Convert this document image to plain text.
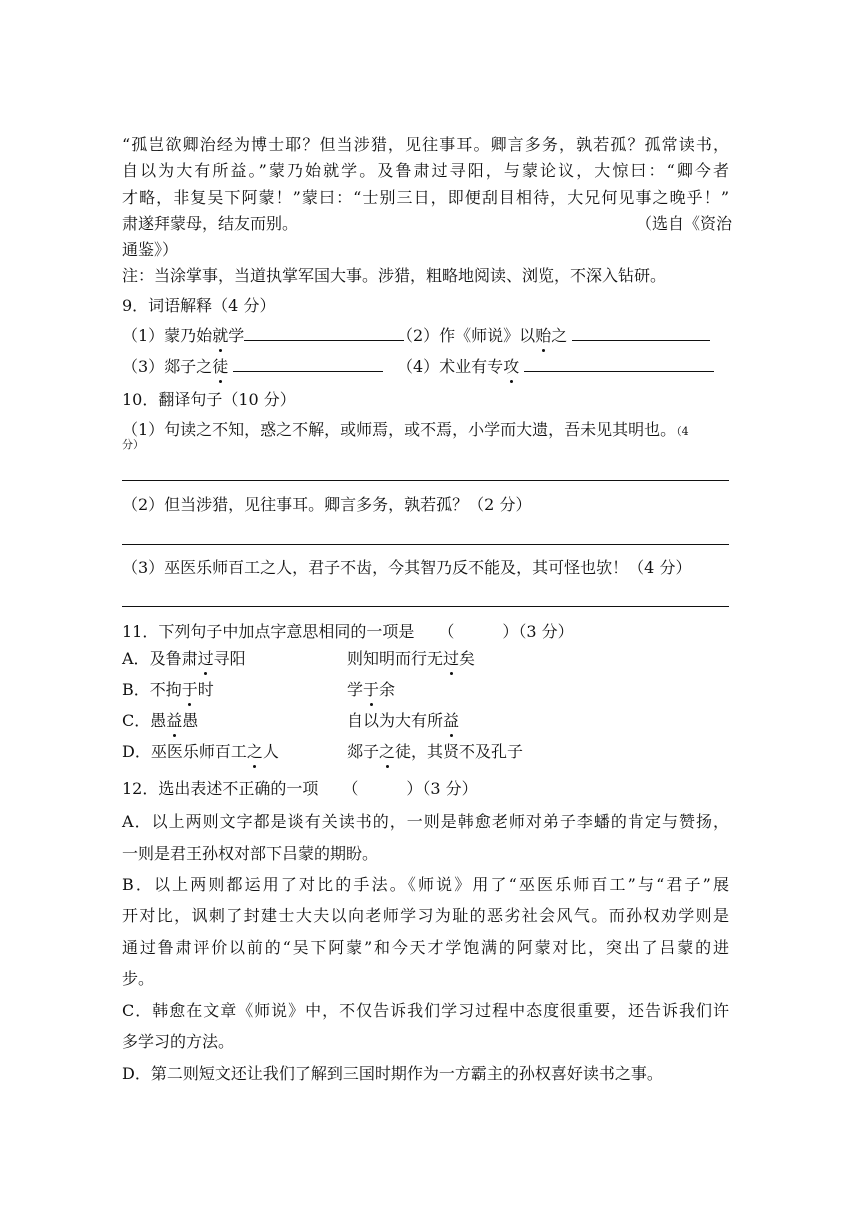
“孤岂欲卿治经为博士耶？但当涉猎，见往事耳。卿言多务，孰若孤？孤常读书，
自以为大有所益。”蒙乃始就学。及鲁肃过寻阳，与蒙论议，大惊曰：“卿今者
才略，非复吴下阿蒙！”蒙曰：“士别三日，即便刮目相待，大兄何见事之晚乎！”
肃遂拜蒙母，结友而别。	（选自《资治
通鉴》）
注：当涂掌事，当道执掌军国大事。涉猎，粗略地阅读、浏览，不深入钻研。
9．词语解释（4 分）
（1）蒙乃始就学	（2）作《师说》以贻之
（3）郯子之徒	（4）术业有专攻
10．翻译句子（10 分）
（1）句读之不知，惑之不解，或师焉，或不焉，小学而大遗，吾未见其明也。（4
分）
（2）但当涉猎，见往事耳。卿言多务，孰若孤？（2 分）
（3）巫医乐师百工之人，君子不齿，今其智乃反不能及，其可怪也欤！（4 分）
11．下列句子中加点字意思相同的一项是　　（　　　）（3 分）
A．及鲁肃过寻阳	则知明而行无过矣
B．不拘于时	学于余
C．愚益愚	自以为大有所益
D．巫医乐师百工之人	郯子之徒，其贤不及孔子
12．选出表述不正确的一项　　（　　　）（3 分）
A．以上两则文字都是谈有关读书的，一则是韩愈老师对弟子李蟠的肯定与赞扬，
一则是君王孙权对部下吕蒙的期盼。
B．以上两则都运用了对比的手法。《师说》用了“巫医乐师百工”与“君子”展
开对比，讽刺了封建士大夫以向老师学习为耻的恶劣社会风气。而孙权劝学则是
通过鲁肃评价以前的“吴下阿蒙”和今天才学饱满的阿蒙对比，突出了吕蒙的进
步。
C．韩愈在文章《师说》中，不仅告诉我们学习过程中态度很重要，还告诉我们许
多学习的方法。
D．第二则短文还让我们了解到三国时期作为一方霸主的孙权喜好读书之事。
